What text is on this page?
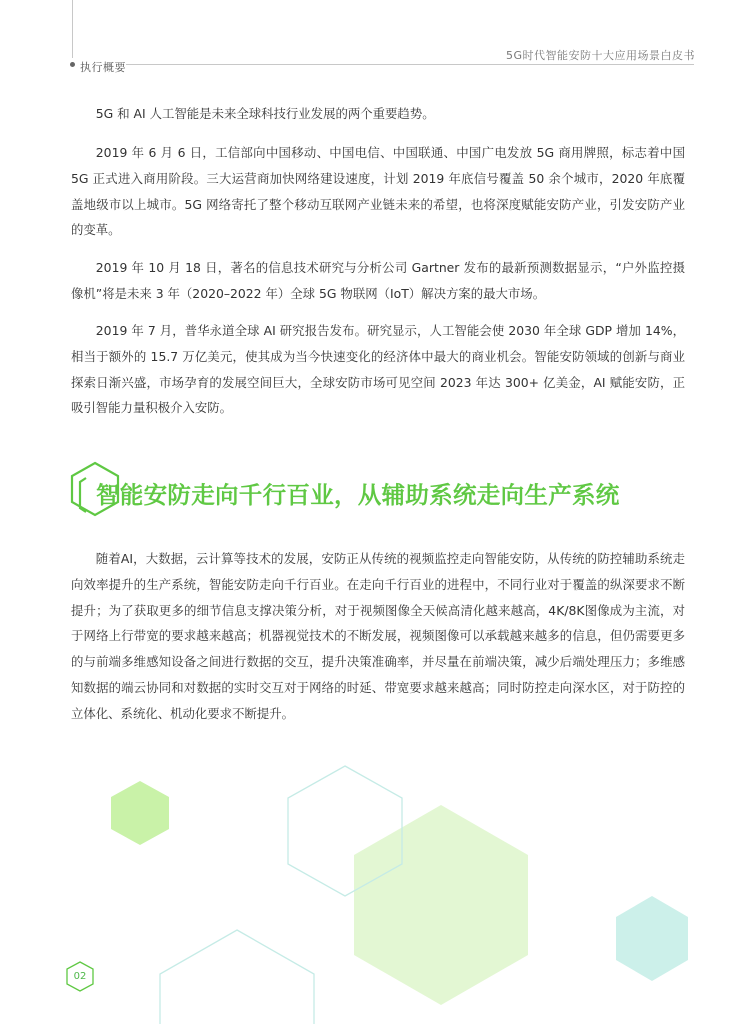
执行概要
5G时代智能安防十大应用场景白皮书

5G 和 AI 人工智能是未来全球科技行业发展的两个重要趋势。

2019 年 6 月 6 日，工信部向中国移动、中国电信、中国联通、中国广电发放 5G 商用牌照，标志着中国 5G 正式进入商用阶段。三大运营商加快网络建设速度，计划 2019 年底信号覆盖 50 余个城市，2020 年底覆盖地级市以上城市。5G 网络寄托了整个移动互联网产业链未来的希望，也将深度赋能安防产业，引发安防产业的变革。

2019 年 10 月 18 日，著名的信息技术研究与分析公司 Gartner 发布的最新预测数据显示，“户外监控摄像机”将是未来 3 年（2020–2022 年）全球 5G 物联网（IoT）解决方案的最大市场。

2019 年 7 月，普华永道全球 AI 研究报告发布。研究显示，人工智能会使 2030 年全球 GDP 增加 14%，相当于额外的 15.7 万亿美元，使其成为当今快速变化的经济体中最大的商业机会。智能安防领域的创新与商业探索日渐兴盛，市场孕育的发展空间巨大，全球安防市场可见空间 2023 年达 300+ 亿美金，AI 赋能安防，正吸引智能力量积极介入安防。

智能安防走向千行百业，从辅助系统走向生产系统

随着AI，大数据，云计算等技术的发展，安防正从传统的视频监控走向智能安防，从传统的防控辅助系统走向效率提升的生产系统，智能安防走向千行百业。在走向千行百业的进程中，不同行业对于覆盖的纵深要求不断提升；为了获取更多的细节信息支撑决策分析，对于视频图像全天候高清化越来越高，4K/8K图像成为主流，对于网络上行带宽的要求越来越高；机器视觉技术的不断发展，视频图像可以承载越来越多的信息，但仍需要更多的与前端多维感知设备之间进行数据的交互，提升决策准确率，并尽量在前端决策，减少后端处理压力；多维感知数据的端云协同和对数据的实时交互对于网络的时延、带宽要求越来越高；同时防控走向深水区，对于防控的立体化、系统化、机动化要求不断提升。

02
